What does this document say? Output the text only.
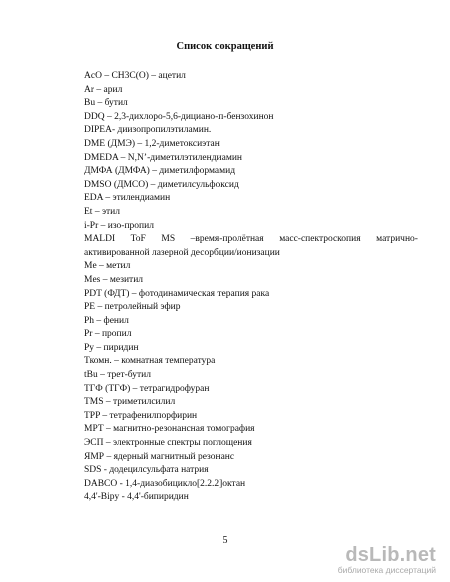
Список сокращений
AcO – CH3C(O) – ацетил
Ar – арил
Bu – бутил
DDQ – 2,3-дихлоро-5,6-дициано-п-бензохинон
DIPEA- диизопропилэтиламин.
DME (ДМЭ) – 1,2-диметоксиэтан
DMEDA – N,N’-диметилэтилендиамин
ДМФА (ДМФА) – диметилформамид
DMSO (ДМСО) – диметилсульфоксид
EDA – этилендиамин
Et – этил
i-Pr – изо-пропил
MALDI ToF MS –время-пролётная масс-спектроскопия матрично-
активированной лазерной десорбции/ионизации
Me – метил
Mes – мезитил
PDT (ФДТ) – фотодинамическая терапия рака
PE – петролейный эфир
Ph – фенил
Pr – пропил
Py – пиридин
Ткомн. – комнатная температура
tBu – трет-бутил
ТГФ (ТГФ) – тетрагидрофуран
TMS – триметилсилил
TPP – тетрафенилпорфирин
МРТ – магнитно-резонансная томография
ЭСП – электронные спектры поглощения
ЯМР – ядерный магнитный резонанс
SDS - додецилсульфата натрия
DABCO - 1,4-диазобицикло[2.2.2]октан
4,4'-Bipy - 4,4'-бипиридин
5
dsLib.net
библиотека диссертаций
